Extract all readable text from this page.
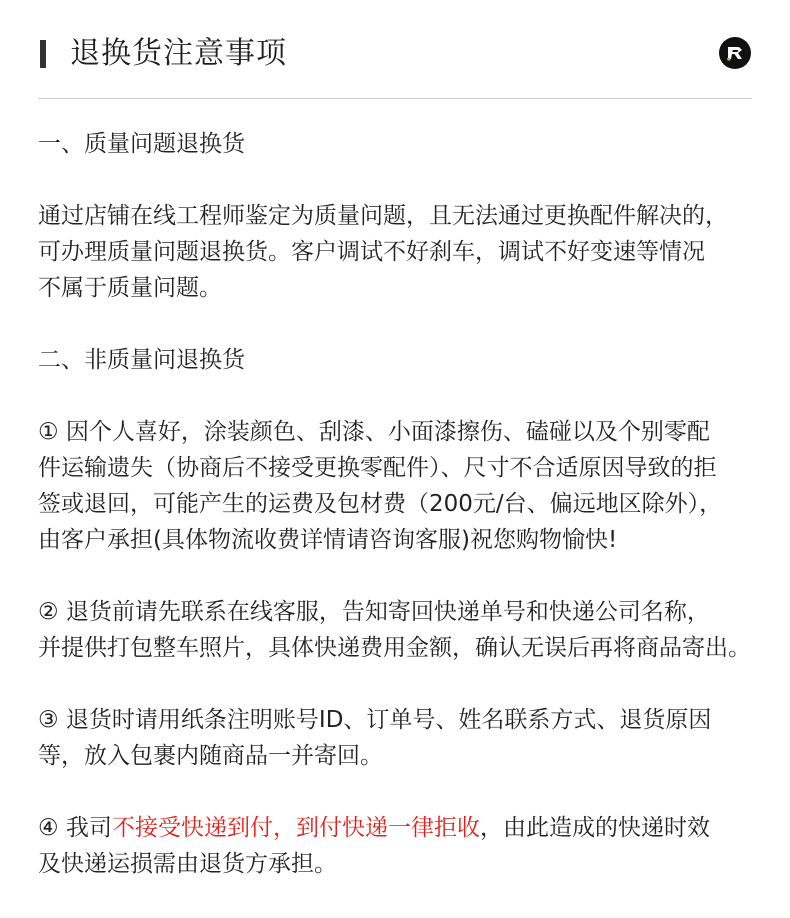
退换货注意事项

一、质量问题退换货

通过店铺在线工程师鉴定为质量问题，且无法通过更换配件解决的，

可办理质量问题退换货。客户调试不好刹车，调试不好变速等情况

不属于质量问题。

二、非质量问退换货

① 因个人喜好，涂装颜色、刮漆、小面漆擦伤、磕碰以及个别零配

件运输遗失（协商后不接受更换零配件）、尺寸不合适原因导致的拒

签或退回，可能产生的运费及包材费（200元/台、偏远地区除外），

由客户承担(具体物流收费详情请咨询客服)祝您购物愉快!

② 退货前请先联系在线客服，告知寄回快递单号和快递公司名称，

并提供打包整车照片，具体快递费用金额，确认无误后再将商品寄出。

③ 退货时请用纸条注明账号ID、订单号、姓名联系方式、退货原因

等，放入包裹内随商品一并寄回。

④ 我司不接受快递到付，到付快递一律拒收，由此造成的快递时效

及快递运损需由退货方承担。
